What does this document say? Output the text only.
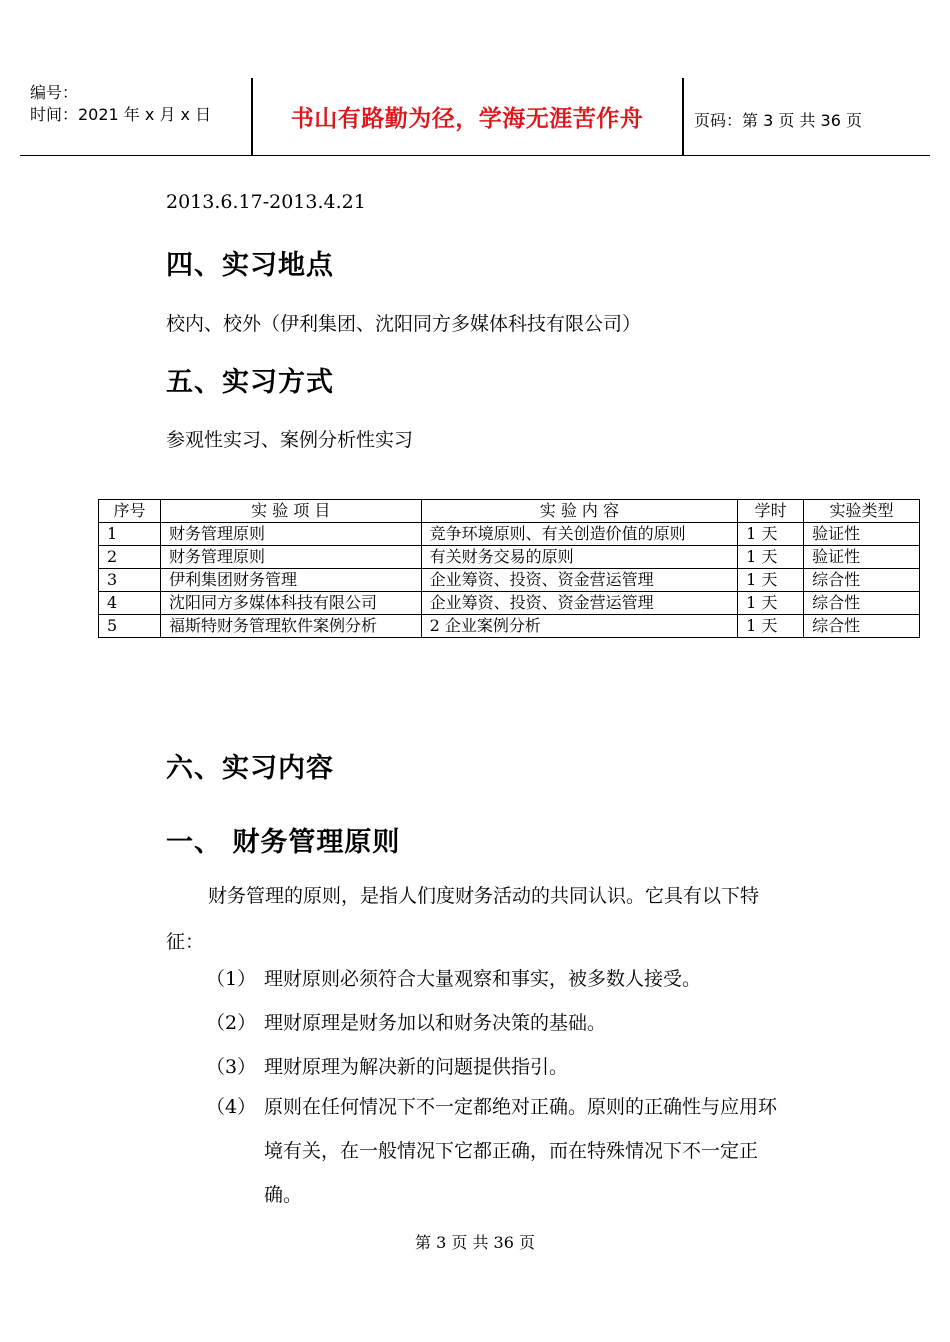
编号：
时间：2021 年 x 月 x 日	书山有路勤为径，学海无涯苦作舟	页码：第 3 页 共 36 页
2013.6.17-2013.4.21
四、实习地点
校内、校外（伊利集团、沈阳同方多媒体科技有限公司）
五、实习方式
参观性实习、案例分析性实习
序号	实 验 项 目	实 验 内 容	学时	实验类型
1	财务管理原则	竞争环境原则、有关创造价值的原则	1 天	验证性
2	财务管理原则	有关财务交易的原则	1 天	验证性
3	伊利集团财务管理	企业筹资、投资、资金营运管理	1 天	综合性
4	沈阳同方多媒体科技有限公司	企业筹资、投资、资金营运管理	1 天	综合性
5	福斯特财务管理软件案例分析	2 企业案例分析	1 天	综合性
六、实习内容
一、 财务管理原则

财务管理的原则，是指人们度财务活动的共同认识。它具有以下特征：

（1） 理财原则必须符合大量观察和事实，被多数人接受。
（2） 理财原理是财务加以和财务决策的基础。
（3） 理财原理为解决新的问题提供指引。
（4） 原则在任何情况下不一定都绝对正确。原则的正确性与应用环境有关，在一般情况下它都正确，而在特殊情况下不一定正确。
第 3 页 共 36 页
